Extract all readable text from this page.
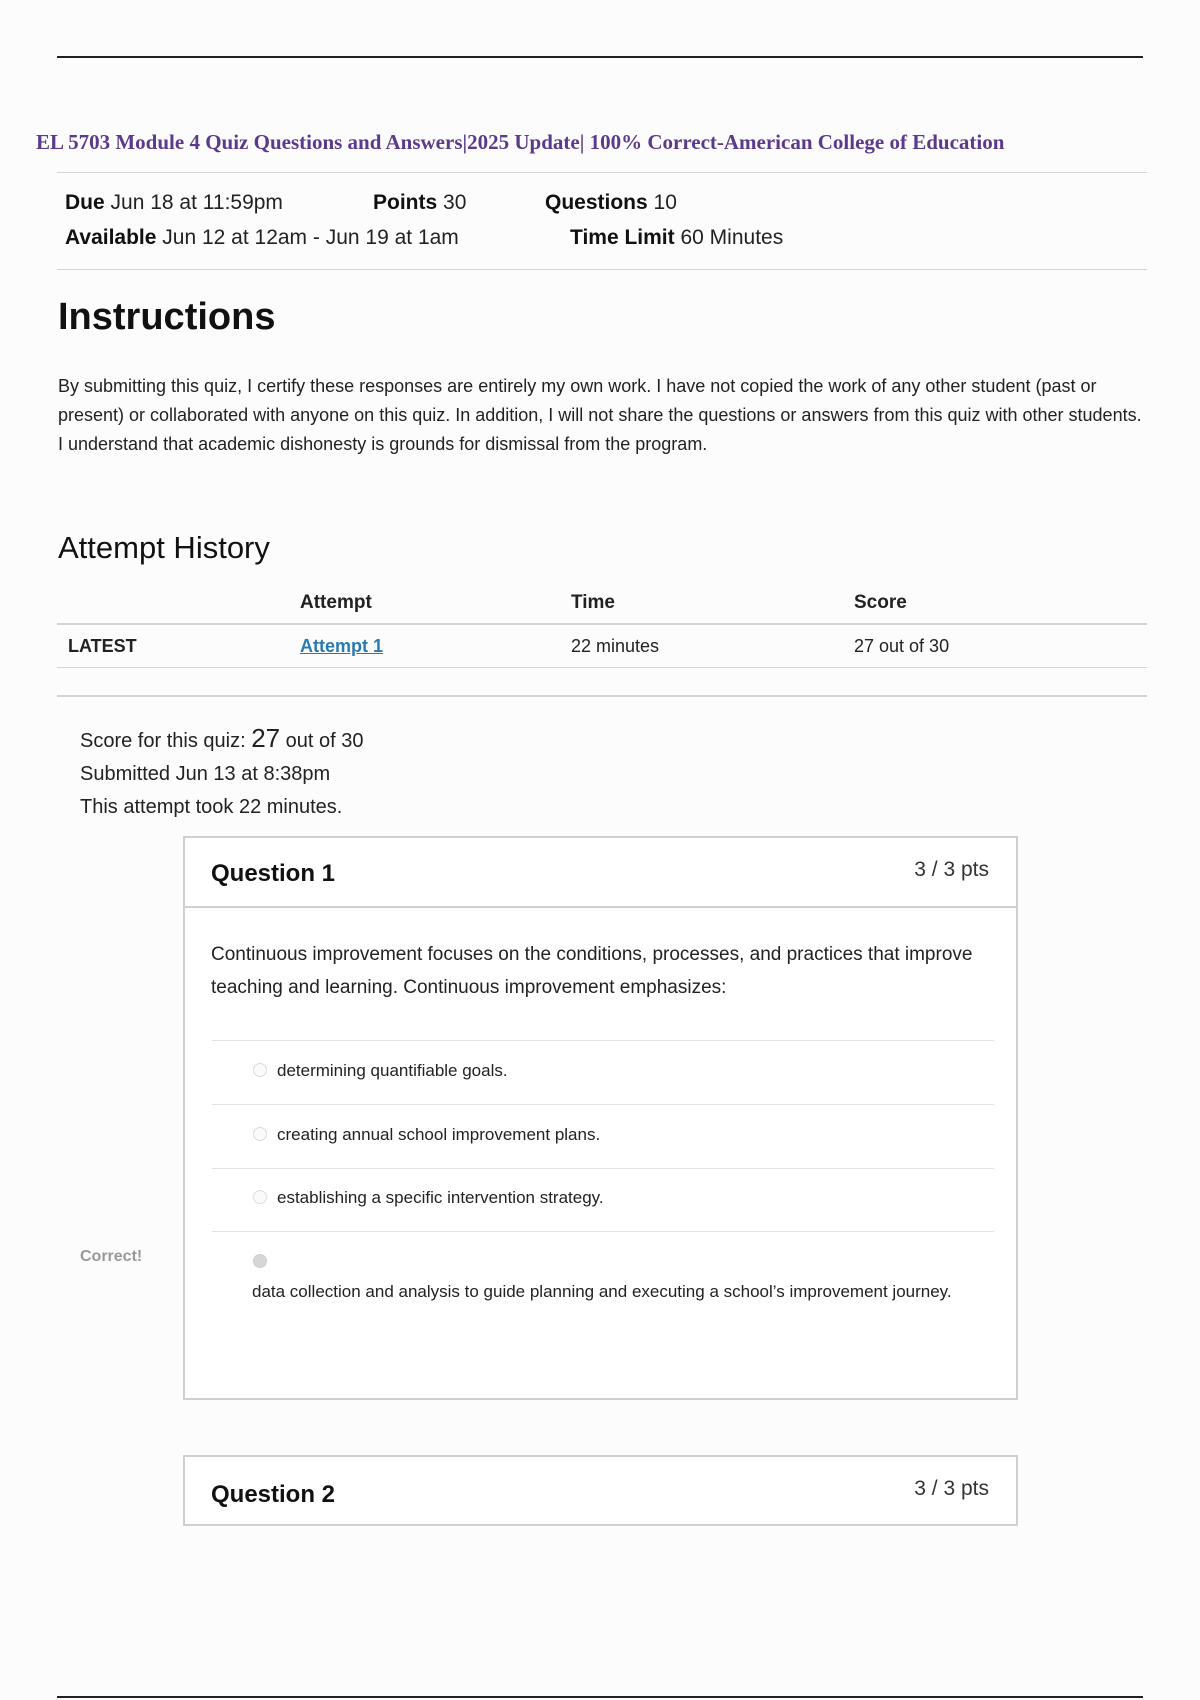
EL 5703 Module 4 Quiz Questions and Answers|2025 Update| 100% Correct-American College of Education
Due Jun 18 at 11:59pm	Points 30	Questions 10
Available Jun 12 at 12am - Jun 19 at 1am	Time Limit 60 Minutes
Instructions
By submitting this quiz, I certify these responses are entirely my own work. I have not copied the work of any other student (past or present) or collaborated with anyone on this quiz. In addition, I will not share the questions or answers from this quiz with other students. I understand that academic dishonesty is grounds for dismissal from the program.
Attempt History
	Attempt	Time	Score
LATEST	Attempt 1	22 minutes	27 out of 30
Score for this quiz: 27 out of 30
Submitted Jun 13 at 8:38pm
This attempt took 22 minutes.
Question 1	3 / 3 pts
Continuous improvement focuses on the conditions, processes, and practices that improve teaching and learning. Continuous improvement emphasizes:
determining quantifiable goals.
creating annual school improvement plans.
establishing a specific intervention strategy.
data collection and analysis to guide planning and executing a school’s improvement journey.
Correct!
Question 2	3 / 3 pts
